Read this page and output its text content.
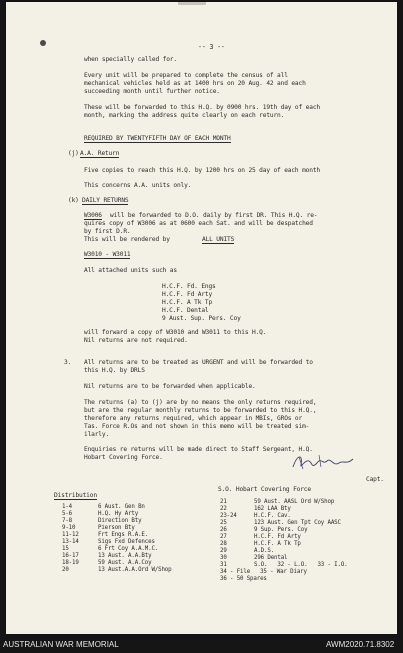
-- 3 --
when specially called for.
Every unit will be prepared to complete the census of all
mechanical vehicles held as at 1400 hrs on 20 Aug. 42 and each
succeeding month until further notice.
These will be forwarded to this H.Q. by 0900 hrs. 19th day of each
month, marking the address quite clearly on each return.
REQUIRED BY TWENTYFIFTH DAY OF EACH MONTH
(j) A.A. Return
Five copies to reach this H.Q. by 1200 hrs on 25 day of each month
This concerns A.A. units only.
(k) DAILY RETURNS
W3006 will be forwarded to D.O. daily by first DR. This H.Q. re-
quires copy of W3006 as at 0600 each Sat. and will be despatched
by first D.R.
This will be rendered by	ALL UNITS
W3010 - W3011
All attached units such as
H.C.F. Fd. Engs
H.C.F. Fd Arty
H.C.F. A Tk Tp
H.C.F. Dental
9 Aust. Sup. Pers. Coy
will forward a copy of W3010 and W3011 to this H.Q.
Nil returns are not required.
3. All returns are to be treated as URGENT and will be forwarded to
this H.Q. by DRLS
Nil returns are to be forwarded when applicable.
The returns (a) to (j) are by no means the only returns required,
but are the regular monthly returns to be forwarded to this H.Q.,
therefore any returns required, which appear in MBIs, GROs or
Tas. Force R.Os and not shown in this memo will be treated sim-
ilarly.
Enquiries re returns will be made direct to Staff Sergeant, H.Q.
Hobart Covering Force.
Capt.
S.O. Hobart Covering Force
Distribution
1-4	6 Aust. Gen Bn
5-6	H.Q. Hy Arty
7-8	Direction Bty
9-10	Pierson Bty
11-12	Frt Engs R.A.E.
13-14	Sigs Fxd Defences
15	6 Frt Coy A.A.M.C.
16-17	13 Aust. A.A.Bty
18-19	59 Aust. A.A.Coy
20	13 Aust.A.A.Ord W/Shop
21	59 Aust. AASL Ord W/Shop
22	162 LAA Bty
23-24	H.C.F. Cav.
25	123 Aust. Gen Tpt Coy AASC
26	9 Sup. Pers. Coy
27	H.C.F. Fd Arty
28	H.C.F. A Tk Tp
29	A.D.S.
30	296 Dental
31	S.O.   32 - L.O.   33 - I.O.
34 - File   35 - War Diary
36 - 50 Spares
AUSTRALIAN WAR MEMORIAL	AWM2020.71.8302
